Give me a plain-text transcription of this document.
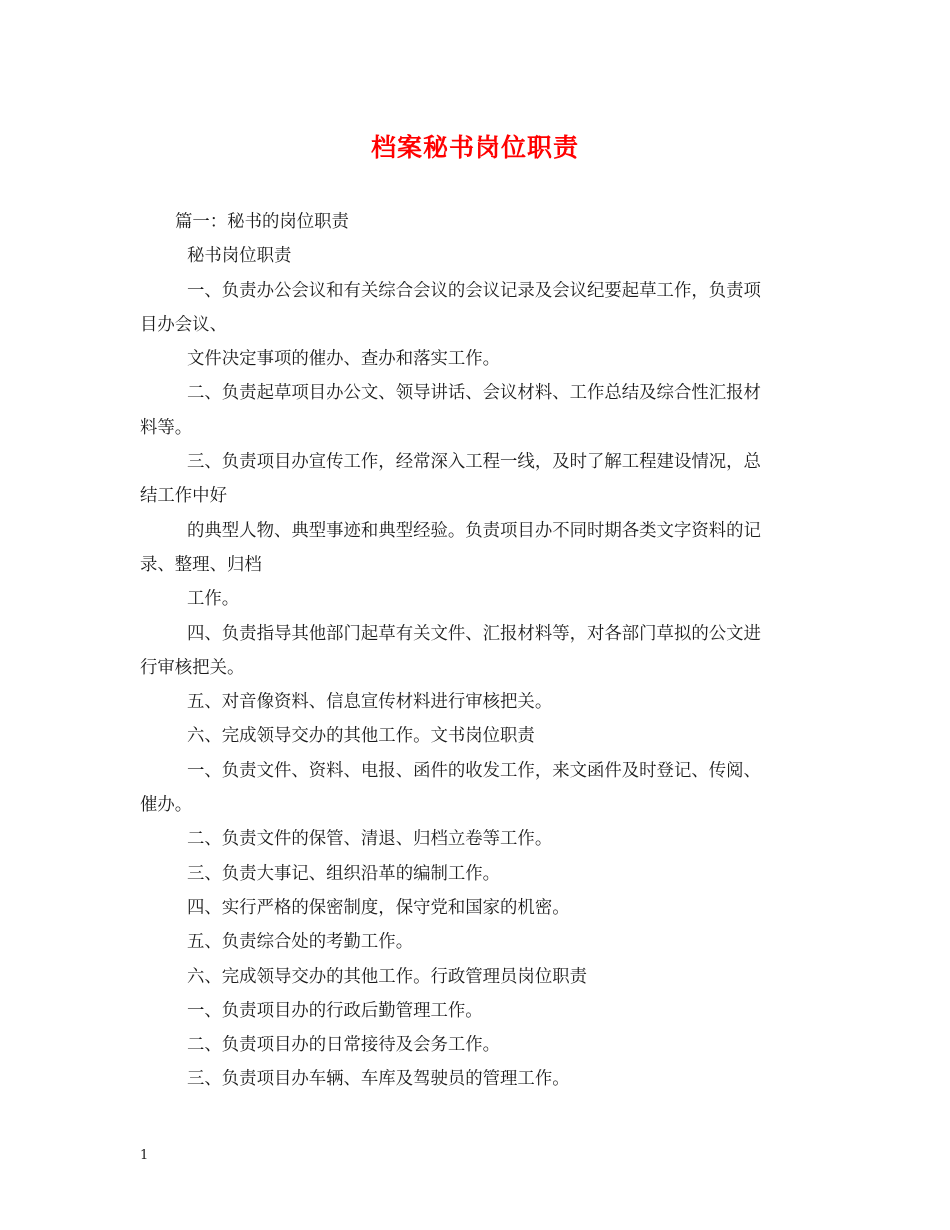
档案秘书岗位职责
篇一：秘书的岗位职责
秘书岗位职责
一、负责办公会议和有关综合会议的会议记录及会议纪要起草工作，负责项
目办会议、
文件决定事项的催办、查办和落实工作。
二、负责起草项目办公文、领导讲话、会议材料、工作总结及综合性汇报材
料等。
三、负责项目办宣传工作，经常深入工程一线，及时了解工程建设情况，总
结工作中好
的典型人物、典型事迹和典型经验。负责项目办不同时期各类文字资料的记
录、整理、归档
工作。
四、负责指导其他部门起草有关文件、汇报材料等，对各部门草拟的公文进
行审核把关。
五、对音像资料、信息宣传材料进行审核把关。
六、完成领导交办的其他工作。文书岗位职责
一、负责文件、资料、电报、函件的收发工作，来文函件及时登记、传阅、
催办。
二、负责文件的保管、清退、归档立卷等工作。
三、负责大事记、组织沿革的编制工作。
四、实行严格的保密制度，保守党和国家的机密。
五、负责综合处的考勤工作。
六、完成领导交办的其他工作。行政管理员岗位职责
一、负责项目办的行政后勤管理工作。
二、负责项目办的日常接待及会务工作。
三、负责项目办车辆、车库及驾驶员的管理工作。
1
